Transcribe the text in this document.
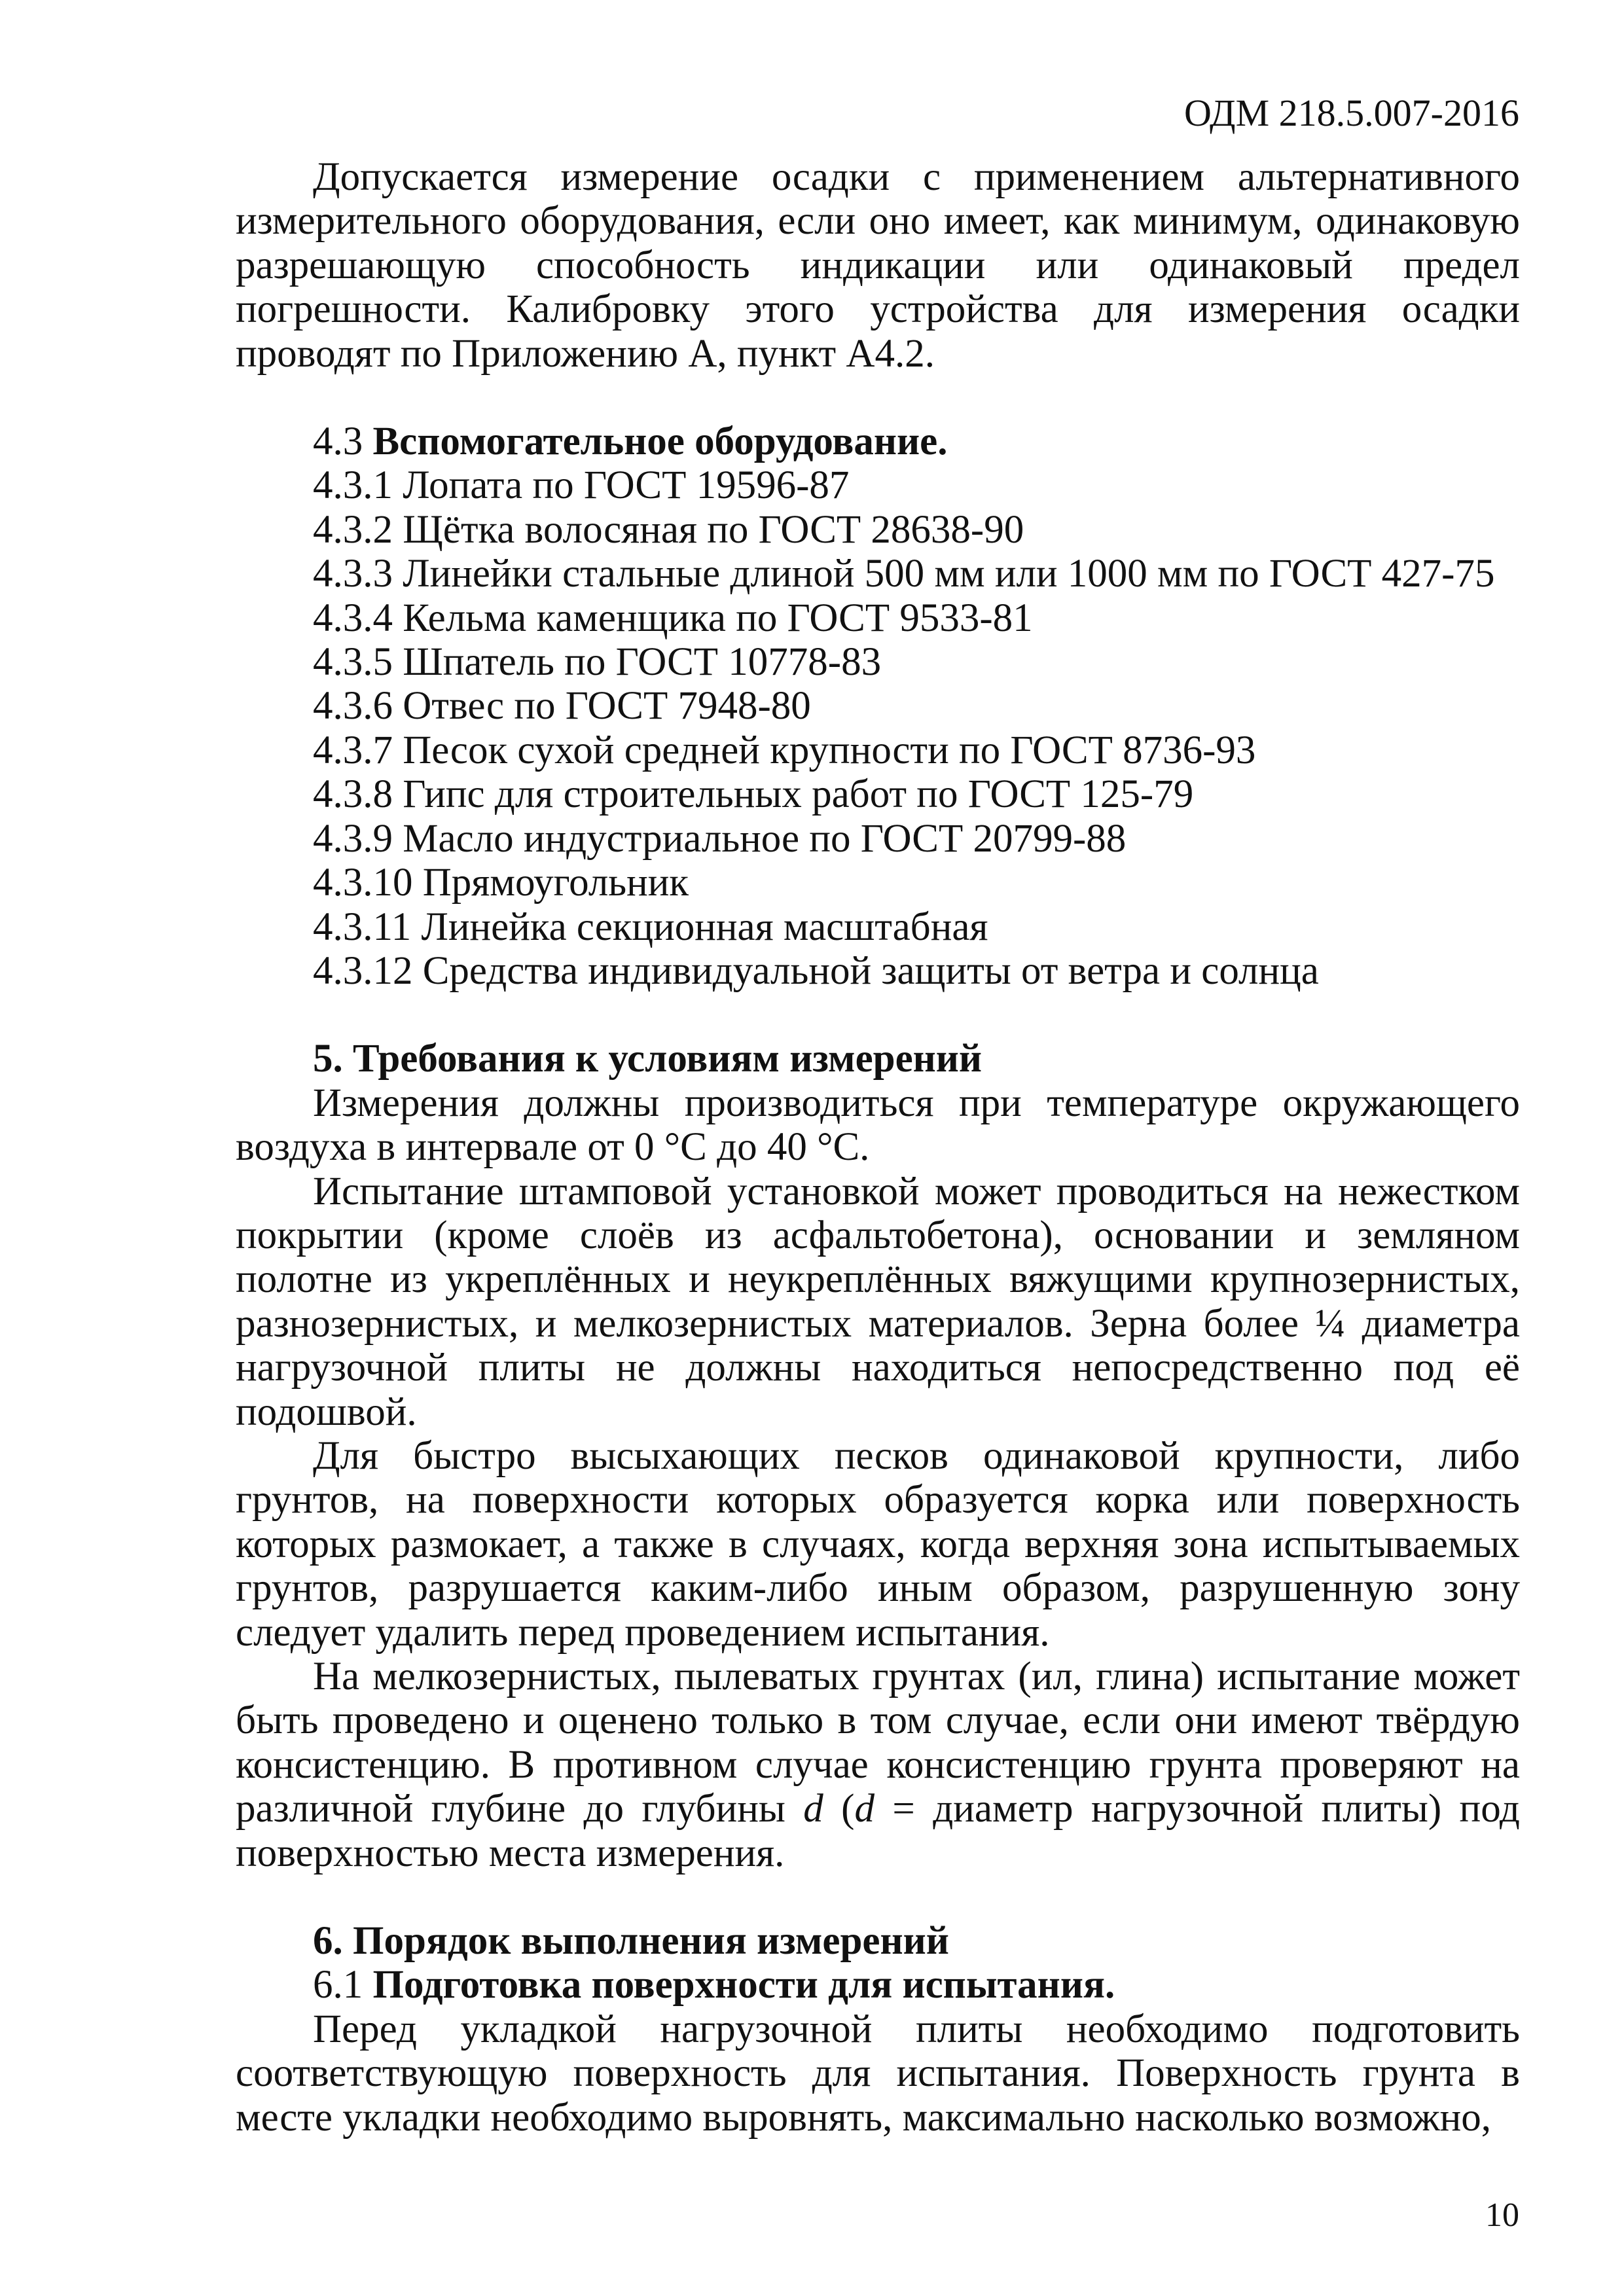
ОДМ 218.5.007-2016

Допускается измерение осадки с применением альтернативного измерительного оборудования, если оно имеет, как минимум, одинаковую разрешающую способность индикации или одинаковый предел погрешности. Калибровку этого устройства для измерения осадки проводят по Приложению А, пункт А4.2.

4.3 Вспомогательное оборудование.

4.3.1 Лопата по ГОСТ 19596-87

4.3.2 Щётка волосяная по ГОСТ 28638-90

4.3.3 Линейки стальные длиной 500 мм или 1000 мм по ГОСТ 427-75

4.3.4 Кельма каменщика по ГОСТ 9533-81

4.3.5 Шпатель по ГОСТ 10778-83

4.3.6 Отвес по ГОСТ 7948-80

4.3.7 Песок сухой средней крупности по ГОСТ 8736-93

4.3.8 Гипс для строительных работ по ГОСТ 125-79

4.3.9 Масло индустриальное по ГОСТ 20799-88

4.3.10 Прямоугольник

4.3.11 Линейка секционная масштабная

4.3.12 Средства индивидуальной защиты от ветра и солнца

5. Требования к условиям измерений

Измерения должны производиться при температуре окружающего воздуха в интервале от 0 °С до 40 °С.

Испытание штамповой установкой может проводиться на нежестком покрытии (кроме слоёв из асфальтобетона), основании и земляном полотне из укреплённых и неукреплённых вяжущими крупнозернистых, разнозернистых, и мелкозернистых материалов. Зерна более ¼ диаметра нагрузочной плиты не должны находиться непосредственно под её подошвой.

Для быстро высыхающих песков одинаковой крупности, либо грунтов, на поверхности которых образуется корка или поверхность которых размокает, а также в случаях, когда верхняя зона испытываемых грунтов, разрушается каким-либо иным образом, разрушенную зону следует удалить перед проведением испытания.

На мелкозернистых, пылеватых грунтах (ил, глина) испытание может быть проведено и оценено только в том случае, если они имеют твёрдую консистенцию. В противном случае консистенцию грунта проверяют на различной глубине до глубины d (d = диаметр нагрузочной плиты) под поверхностью места измерения.

6. Порядок выполнения измерений

6.1 Подготовка поверхности для испытания.

Перед укладкой нагрузочной плиты необходимо подготовить соответствующую поверхность для испытания. Поверхность грунта в месте укладки необходимо выровнять, максимально насколько возможно,

10
